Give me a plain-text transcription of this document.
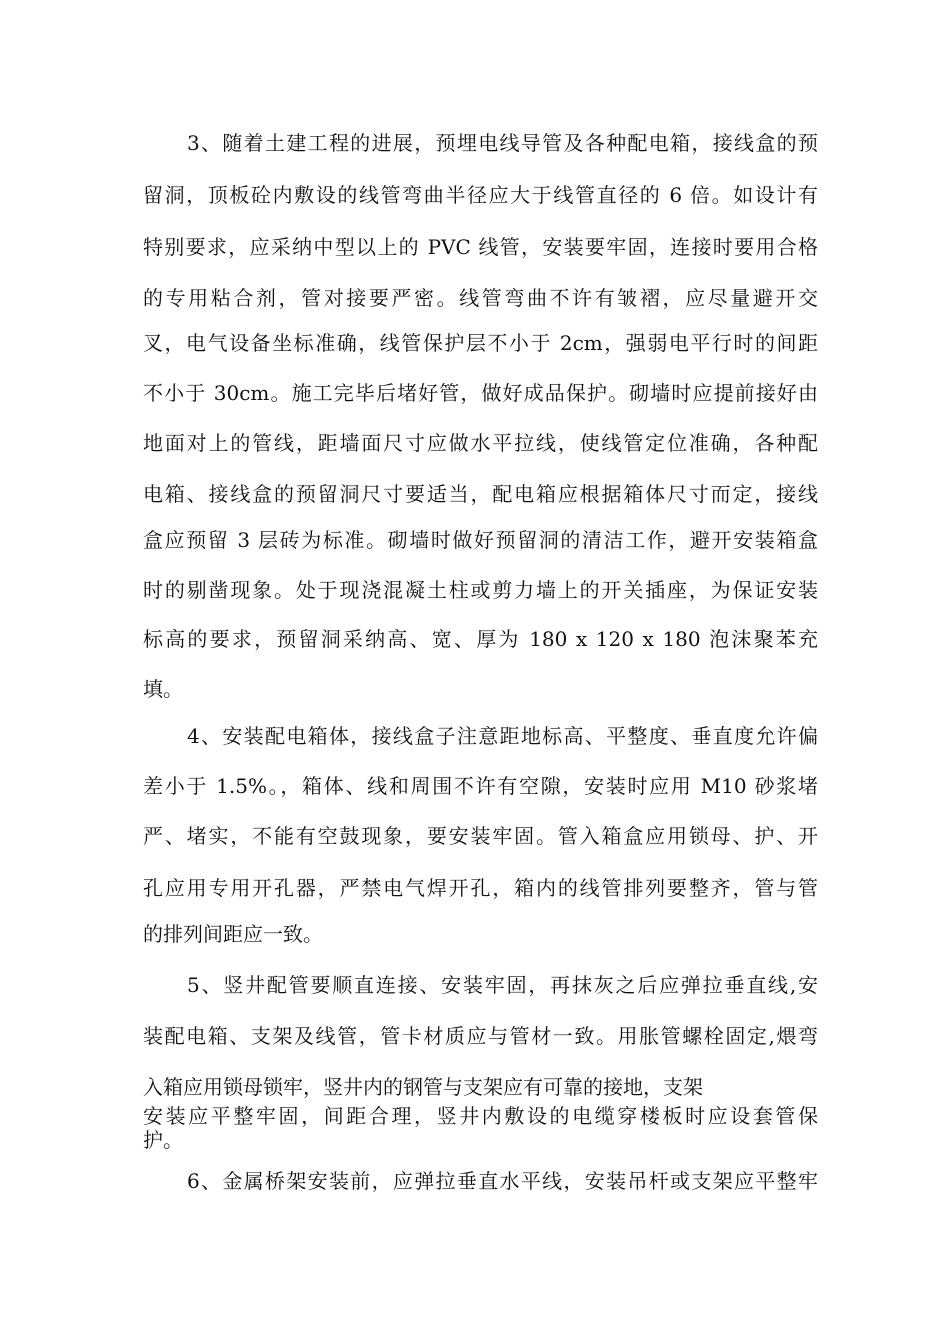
3、随着土建工程的进展，预埋电线导管及各种配电箱，接线盒的预

留洞，顶板砼内敷设的线管弯曲半径应大于线管直径的 6 倍。如设计有

特别要求，应采纳中型以上的 PVC 线管，安装要牢固，连接时要用合格

的专用粘合剂，管对接要严密。线管弯曲不许有皱褶，应尽量避开交

叉，电气设备坐标准确，线管保护层不小于 2cm，强弱电平行时的间距

不小于 30cm。施工完毕后堵好管，做好成品保护。砌墙时应提前接好由

地面对上的管线，距墙面尺寸应做水平拉线，使线管定位准确，各种配

电箱、接线盒的预留洞尺寸要适当，配电箱应根据箱体尺寸而定，接线

盒应预留 3 层砖为标准。砌墙时做好预留洞的清洁工作，避开安装箱盒

时的剔凿现象。处于现浇混凝土柱或剪力墙上的开关插座，为保证安装

标高的要求，预留洞采纳高、宽、厚为 180 x 120 x 180 泡沫聚苯充

填。

4、安装配电箱体，接线盒子注意距地标高、平整度、垂直度允许偏

差小于 1.5%。，箱体、线和周围不许有空隙，安装时应用 M10 砂浆堵

严、堵实，不能有空鼓现象，要安装牢固。管入箱盒应用锁母、护、开

孔应用专用开孔器，严禁电气焊开孔，箱内的线管排列要整齐，管与管

的排列间距应一致。

5、竖井配管要顺直连接、安装牢固，再抹灰之后应弹拉垂直线,安

装配电箱、支架及线管，管卡材质应与管材一致。用胀管螺栓固定,煨弯

入箱应用锁母锁牢，竖井内的钢管与支架应有可靠的接地，支架

安装应平整牢固，间距合理，竖井内敷设的电缆穿楼板时应设套管保

护。

6、金属桥架安装前，应弹拉垂直水平线，安装吊杆或支架应平整牢
